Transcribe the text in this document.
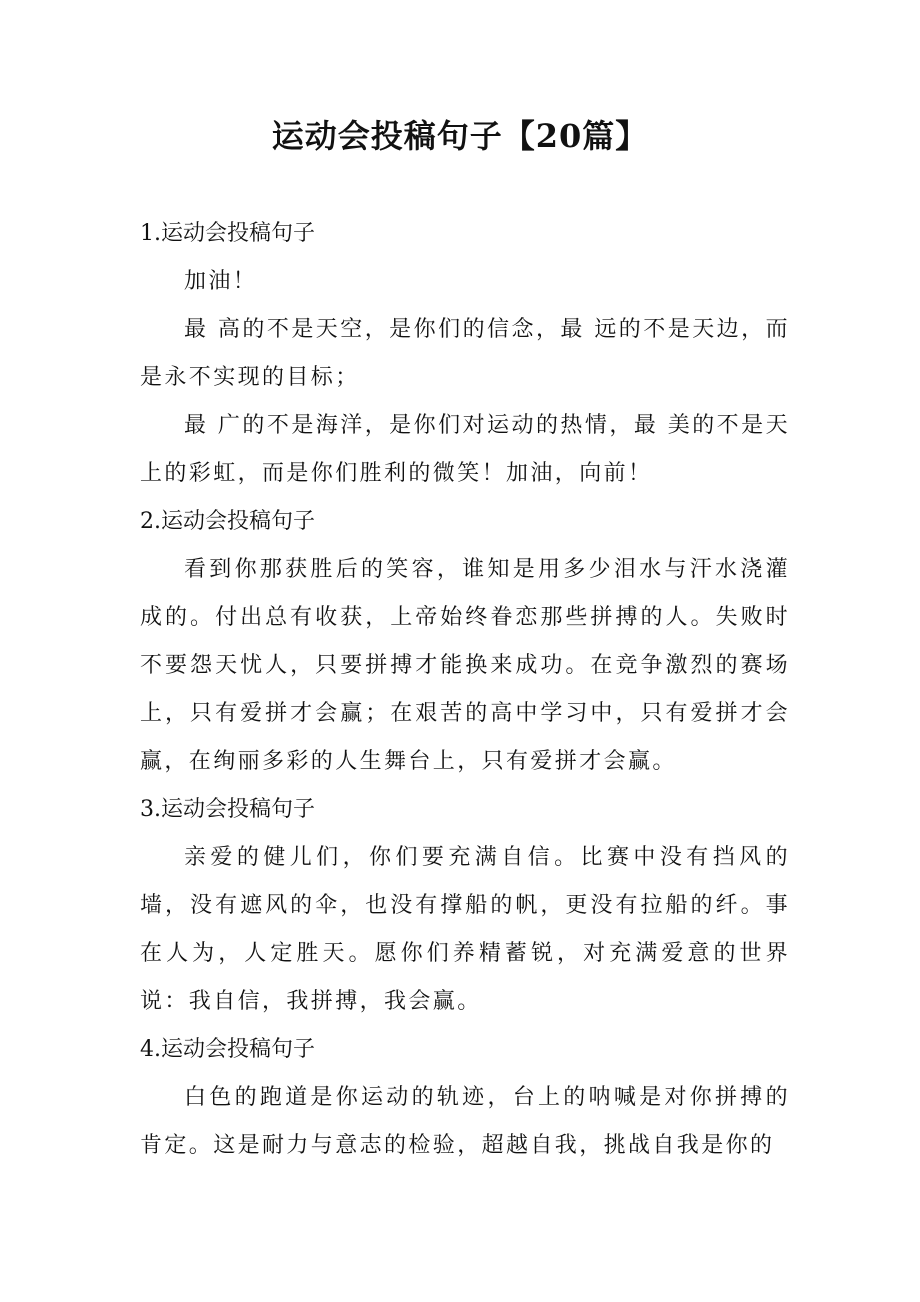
运动会投稿句子【20篇】

1.运动会投稿句子

加油！

最 高的不是天空，是你们的信念，最 远的不是天边，而是永不实现的目标；

最 广的不是海洋，是你们对运动的热情，最 美的不是天上的彩虹，而是你们胜利的微笑！加油，向前！

2.运动会投稿句子

看到你那获胜后的笑容，谁知是用多少泪水与汗水浇灌成的。付出总有收获，上帝始终眷恋那些拼搏的人。失败时不要怨天忧人，只要拼搏才能换来成功。在竞争激烈的赛场上，只有爱拼才会赢；在艰苦的高中学习中，只有爱拼才会赢，在绚丽多彩的人生舞台上，只有爱拼才会赢。

3.运动会投稿句子

亲爱的健儿们，你们要充满自信。比赛中没有挡风的墙，没有遮风的伞，也没有撑船的帆，更没有拉船的纤。事在人为，人定胜天。愿你们养精蓄锐，对充满爱意的世界说：我自信，我拼搏，我会赢。

4.运动会投稿句子

白色的跑道是你运动的轨迹，台上的呐喊是对你拼搏的肯定。这是耐力与意志的检验，超越自我，挑战自我是你的
